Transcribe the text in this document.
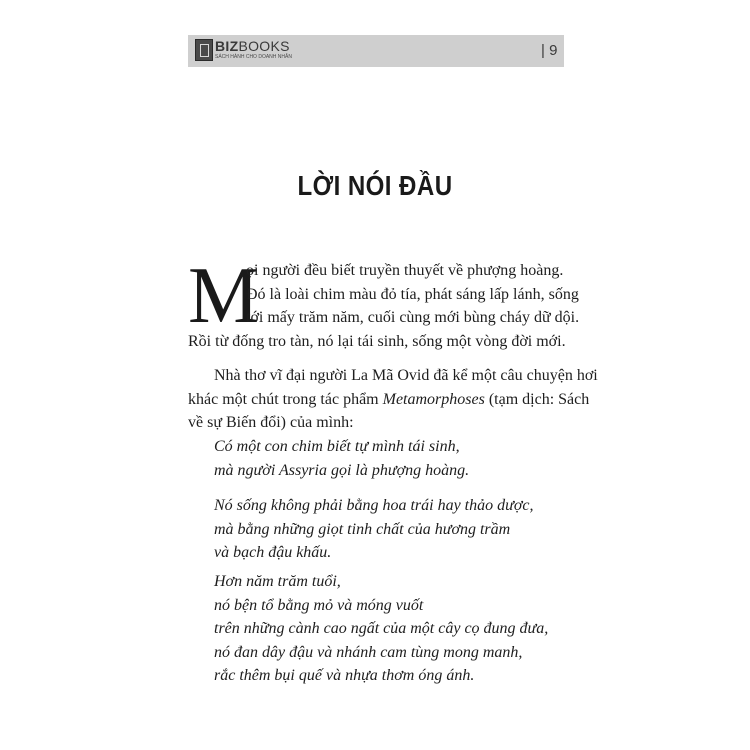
BIZBOOKS
SÁCH HÀNH CHO DOANH NHÂN	| 9
LỜI NÓI ĐẦU
M
ọi người đều biết truyền thuyết về phượng hoàng.
Đó là loài chim màu đỏ tía, phát sáng lấp lánh, sống
tới mấy trăm năm, cuối cùng mới bùng cháy dữ dội.
Rồi từ đống tro tàn, nó lại tái sinh, sống một vòng đời mới.
Nhà thơ vĩ đại người La Mã Ovid đã kể một câu chuyện hơi
khác một chút trong tác phẩm Metamorphoses (tạm dịch: Sách
về sự Biến đổi) của mình:
Có một con chim biết tự mình tái sinh,
mà người Assyria gọi là phượng hoàng.
Nó sống không phải bằng hoa trái hay thảo dược,
mà bằng những giọt tinh chất của hương trầm
và bạch đậu khấu.
Hơn năm trăm tuổi,
nó bện tổ bằng mỏ và móng vuốt
trên những cành cao ngất của một cây cọ đung đưa,
nó đan dây đậu và nhánh cam tùng mong manh,
rắc thêm bụi quế và nhựa thơm óng ánh.
